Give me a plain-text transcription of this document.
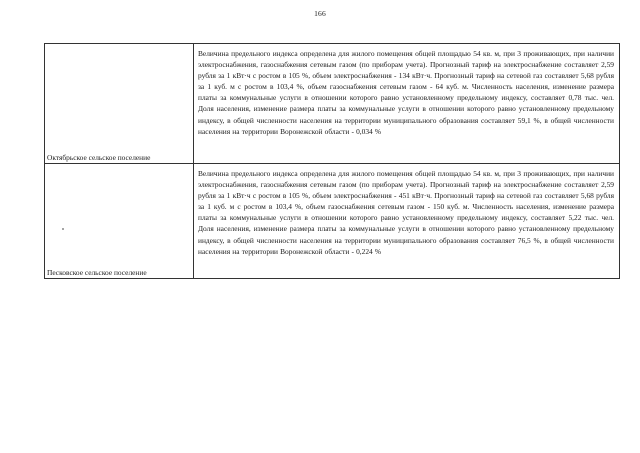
166
Октябрьское сельское поселение	Величина предельного индекса определена для жилого помещения общей площадью 54 кв. м, при 3 проживающих, при наличии электроснабжения, газоснабжения сетевым газом (по приборам учета). Прогнозный тариф на электроснабжение составляет 2,59 рубля за 1 кВт·ч с ростом в 105 %, объем электроснабжения - 134 кВт·ч. Прогнозный тариф на сетевой газ составляет 5,68 рубля за 1 куб. м с ростом в 103,4 %, объем газоснабжения сетевым газом - 64 куб. м. Численность населения, изменение размера платы за коммунальные услуги в отношении которого равно установленному предельному индексу, составляет 0,78 тыс. чел. Доля населения, изменение размера платы за коммунальные услуги в отношении которого равно установленному предельному индексу, в общей численности населения на территории муниципального образования составляет 59,1 %, в общей численности населения на территории Воронежской области - 0,034 %

Песковское сельское поселение	Величина предельного индекса определена для жилого помещения общей площадью 54 кв. м, при 3 проживающих, при наличии электроснабжения, газоснабжения сетевым газом (по приборам учета). Прогнозный тариф на электроснабжение составляет 2,59 рубля за 1 кВт·ч с ростом в 105 %, объем электроснабжения - 451 кВт·ч. Прогнозный тариф на сетевой газ составляет 5,68 рубля за 1 куб. м с ростом в 103,4 %, объем газоснабжения сетевым газом - 150 куб. м. Численность населения, изменение размера платы за коммунальные услуги в отношении которого равно установленному предельному индексу, составляет 5,22 тыс. чел. Доля населения, изменение размера платы за коммунальные услуги в отношении которого равно установленному предельному индексу, в общей численности населения на территории муниципального образования составляет 76,5 %, в общей численности населения на территории Воронежской области - 0,224 %
